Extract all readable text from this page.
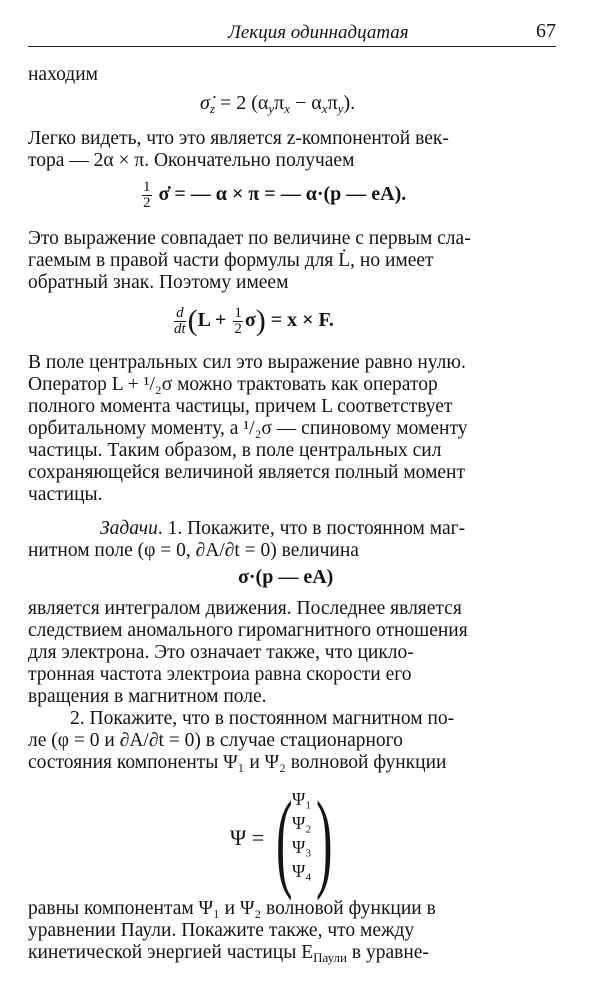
Лекция одиннадцатая	67
находим
$\sigmȧ_z = 2$ $(\alpha_y\pi_x - \alpha_x\pi_y)$.
Легко видеть, что это является z-компонентой век-
тора — 2α × π. Окончательно получаем
$\frac{1}{2}$ σ̇ = — α × π = — α·(p — eA).
Это выражение совпадает по величине с первым сла-
гаемым в правой части формулы для L̇, но имеет
обратный знак. Поэтому имеем
$\frac{d}{dt} (L + \frac{1}{2} \sigma) = x \times F$.
В поле центральных сил это выражение равно нулю.
Оператор L + ¹/₂σ можно трактовать как оператор
полного момента частицы, причем L соответствует
орбитальному моменту, а ¹/₂σ — спиновому моменту
частицы. Таким образом, в поле центральных сил
сохраняющейся величиной является полный момент
частицы.
Задачи. 1. Покажите, что в постоянном маг-
нитном поле (φ = 0, ∂A/∂t = 0) величина
σ·(p — eA)
является интегралом движения. Последнее является
следствием аномального гиромагнитного отношения
для электрона. Это означает также, что цикло-
тронная частота электроиа равна скорости его
вращения в магнитном поле.
2. Покажите, что в постоянном магнитном по-
ле (φ = 0 и ∂A/∂t = 0) в случае стационарного
состояния компоненты Ψ₁ и Ψ₂ волновой функции
Ψ = ( Ψ₁
Ψ₂
Ψ₃
Ψ₄ )
равны компонентам Ψ₁ и Ψ₂ волновой функции в
уравнении Паули. Покажите также, что между
кинетической энергией частицы $E_{Паули}$ в уравне-
